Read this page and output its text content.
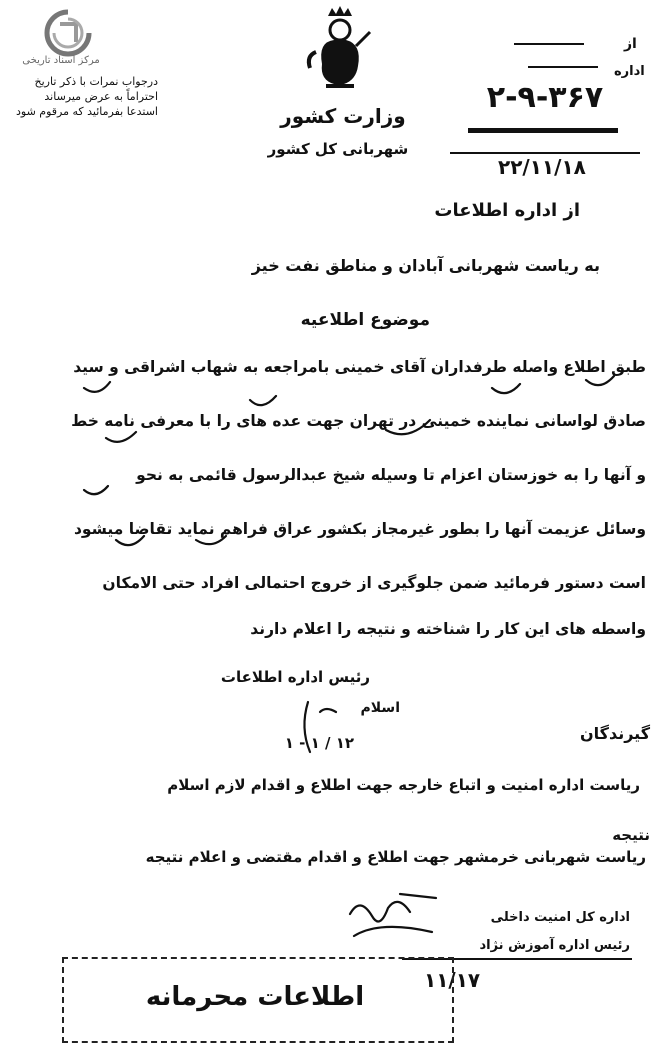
مرکز اسناد تاریخی
درجواب نمرات با ذکر تاریخ
احتراماً به عرض میرساند
استدعا بفرمائید که مرقوم شود	وزارت کشور
شهربانی کل کشور
از
اداره
۲-۹-۳۶۷
۲۲/۱۱/۱۸
از اداره اطلاعات
به ریاست شهربانی آبادان و مناطق نفت خیز
موضوع اطلاعیه
طبق اطلاع واصله طرفداران آقای خمینی بامراجعه به شهاب اشراقی و سید
صادق لواسانی نماینده خمینی در تهران جهت عده های را با معرفی نامه خط
و آنها را به خوزستان اعزام تا وسیله شیخ عبدالرسول قائمی به نحو
وسائل عزیمت آنها را بطور غیرمجاز بکشور عراق فراهم نماید تقاضا میشود
است دستور فرمائید ضمن جلوگیری از خروج احتمالی افراد حتی الامکان
واسطه های این کار را شناخته و نتیجه را اعلام دارند
رئیس اداره اطلاعات
اسلام
۱۲ / ۱ - ۱	گیرندگان
ریاست اداره امنیت و اتباع خارجه جهت اطلاع و اقدام لازم اسلام
نتیجه
ریاست شهربانی خرمشهر جهت اطلاع و اقدام مقتضی و اعلام نتیجه
اداره کل امنیت داخلی
رئیس اداره آموزش نژاد
۱۱/۱۷
اطلاعات محرمانه
